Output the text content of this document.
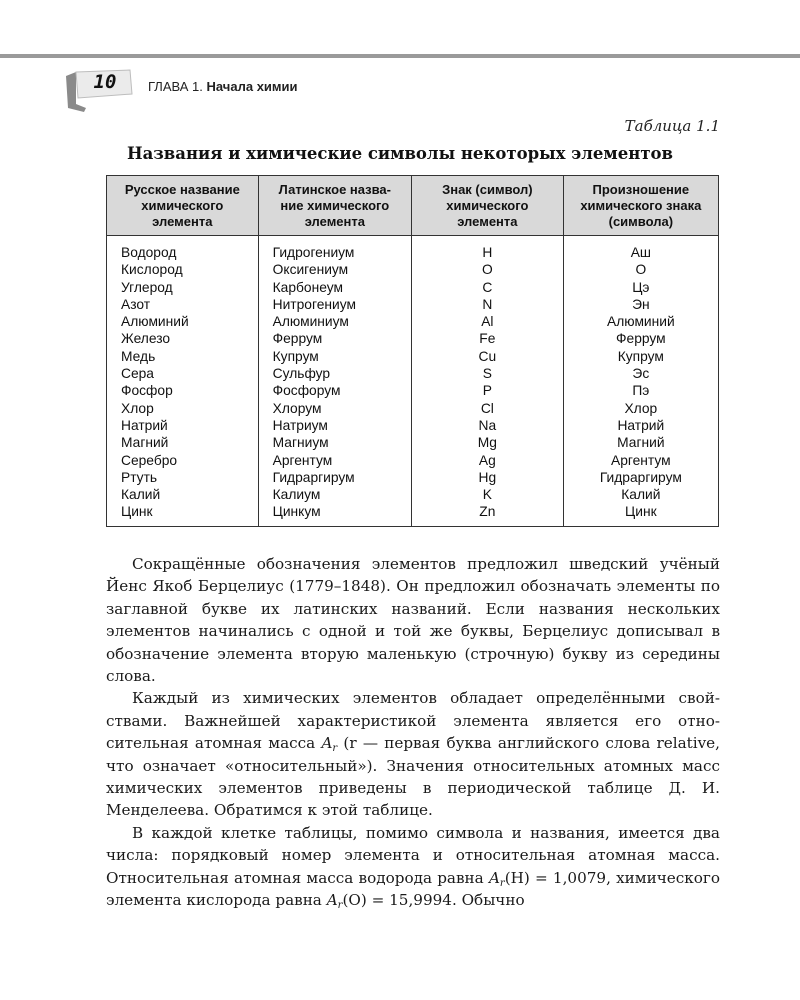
10	ГЛАВА 1. Начала химии
Таблица 1.1
Названия и химические символы некоторых элементов
Русское название
химического
элемента	Латинское назва-
ние химического
элемента	Знак (символ)
химического
элемента	Произношение
химического знака
(символа)
Водород	Гидрогениум	H	Аш
Кислород	Оксигениум	O	О
Углерод	Карбонеум	C	Цэ
Азот	Нитрогениум	N	Эн
Алюминий	Алюминиум	Al	Алюминий
Железо	Феррум	Fe	Феррум
Медь	Купрум	Cu	Купрум
Сера	Сульфур	S	Эс
Фосфор	Фосфорум	P	Пэ
Хлор	Хлорум	Cl	Хлор
Натрий	Натриум	Na	Натрий
Магний	Магниум	Mg	Магний
Серебро	Аргентум	Ag	Аргентум
Ртуть	Гидраргирум	Hg	Гидраргирум
Калий	Калиум	K	Калий
Цинк	Цинкум	Zn	Цинк

Сокращённые обозначения элементов предложил шведский учёный Йенс Якоб Берцелиус (1779–1848). Он предложил обозначать элементы по заглавной букве их латинских названий. Если названия нескольких элементов начинались с одной и той же буквы, Берцелиус дописывал в обозначение элемента вторую маленькую (строчную) букву из середины слова.

Каждый из химических элементов обладает определёнными свойствами. Важнейшей характеристикой элемента является его относительная атомная масса $A_r$ (r — первая буква английского слова relative, что означает «относительный»). Значения относительных атомных масс химических элементов приведены в периодической таблице Д. И. Менделеева. Обратимся к этой таблице.

В каждой клетке таблицы, помимо символа и названия, имеется два числа: порядковый номер элемента и относительная атомная масса. Относительная атомная масса водорода равна $A_r(H) = 1,0079$, химического элемента кислорода равна $A_r(O) = 15,9994$. Обычно
